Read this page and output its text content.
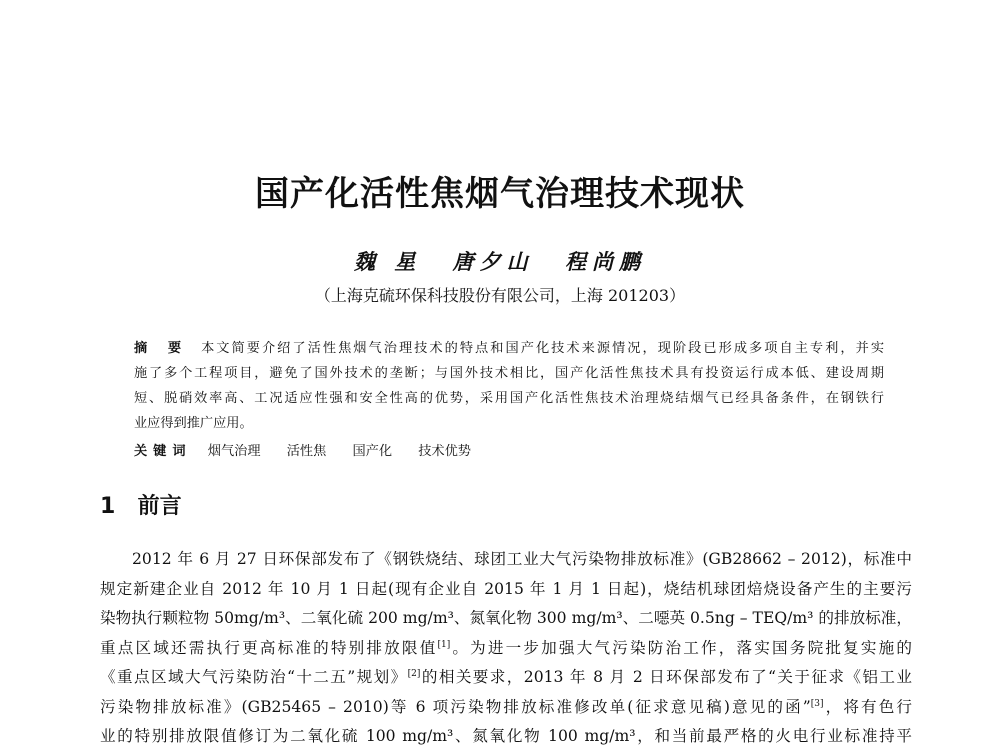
国产化活性焦烟气治理技术现状
魏 星 唐夕山 程尚鹏
（上海克硫环保科技股份有限公司，上海 201203）
摘 要 本文简要介绍了活性焦烟气治理技术的特点和国产化技术来源情况，现阶段已形成多项自主专利，并实
施了多个工程项目，避免了国外技术的垄断；与国外技术相比，国产化活性焦技术具有投资运行成本低、建设周期
短、脱硝效率高、工况适应性强和安全性高的优势，采用国产化活性焦技术治理烧结烟气已经具备条件，在钢铁行
业应得到推广应用。
关键词 烟气治理 活性焦 国产化 技术优势
1 前言
2012 年 6 月 27 日环保部发布了《钢铁烧结、球团工业大气污染物排放标准》(GB28662 – 2012)，标准中
规定新建企业自 2012 年 10 月 1 日起(现有企业自 2015 年 1 月 1 日起)，烧结机球团焙烧设备产生的主要污
染物执行颗粒物 50mg/m³、二氧化硫 200 mg/m³、氮氧化物 300 mg/m³、二噁英 0.5ng – TEQ/m³ 的排放标准，
重点区域还需执行更高标准的特别排放限值[1]。为进一步加强大气污染防治工作，落实国务院批复实施的
《重点区域大气污染防治“十二五”规划》[2]的相关要求，2013 年 8 月 2 日环保部发布了“关于征求《铝工业
污染物排放标准》(GB25465 – 2010)等 6 项污染物排放标准修改单(征求意见稿)意见的函”[3]，将有色行
业的特别排放限值修订为二氧化硫 100 mg/m³、氮氧化物 100 mg/m³，和当前最严格的火电行业标准持平
